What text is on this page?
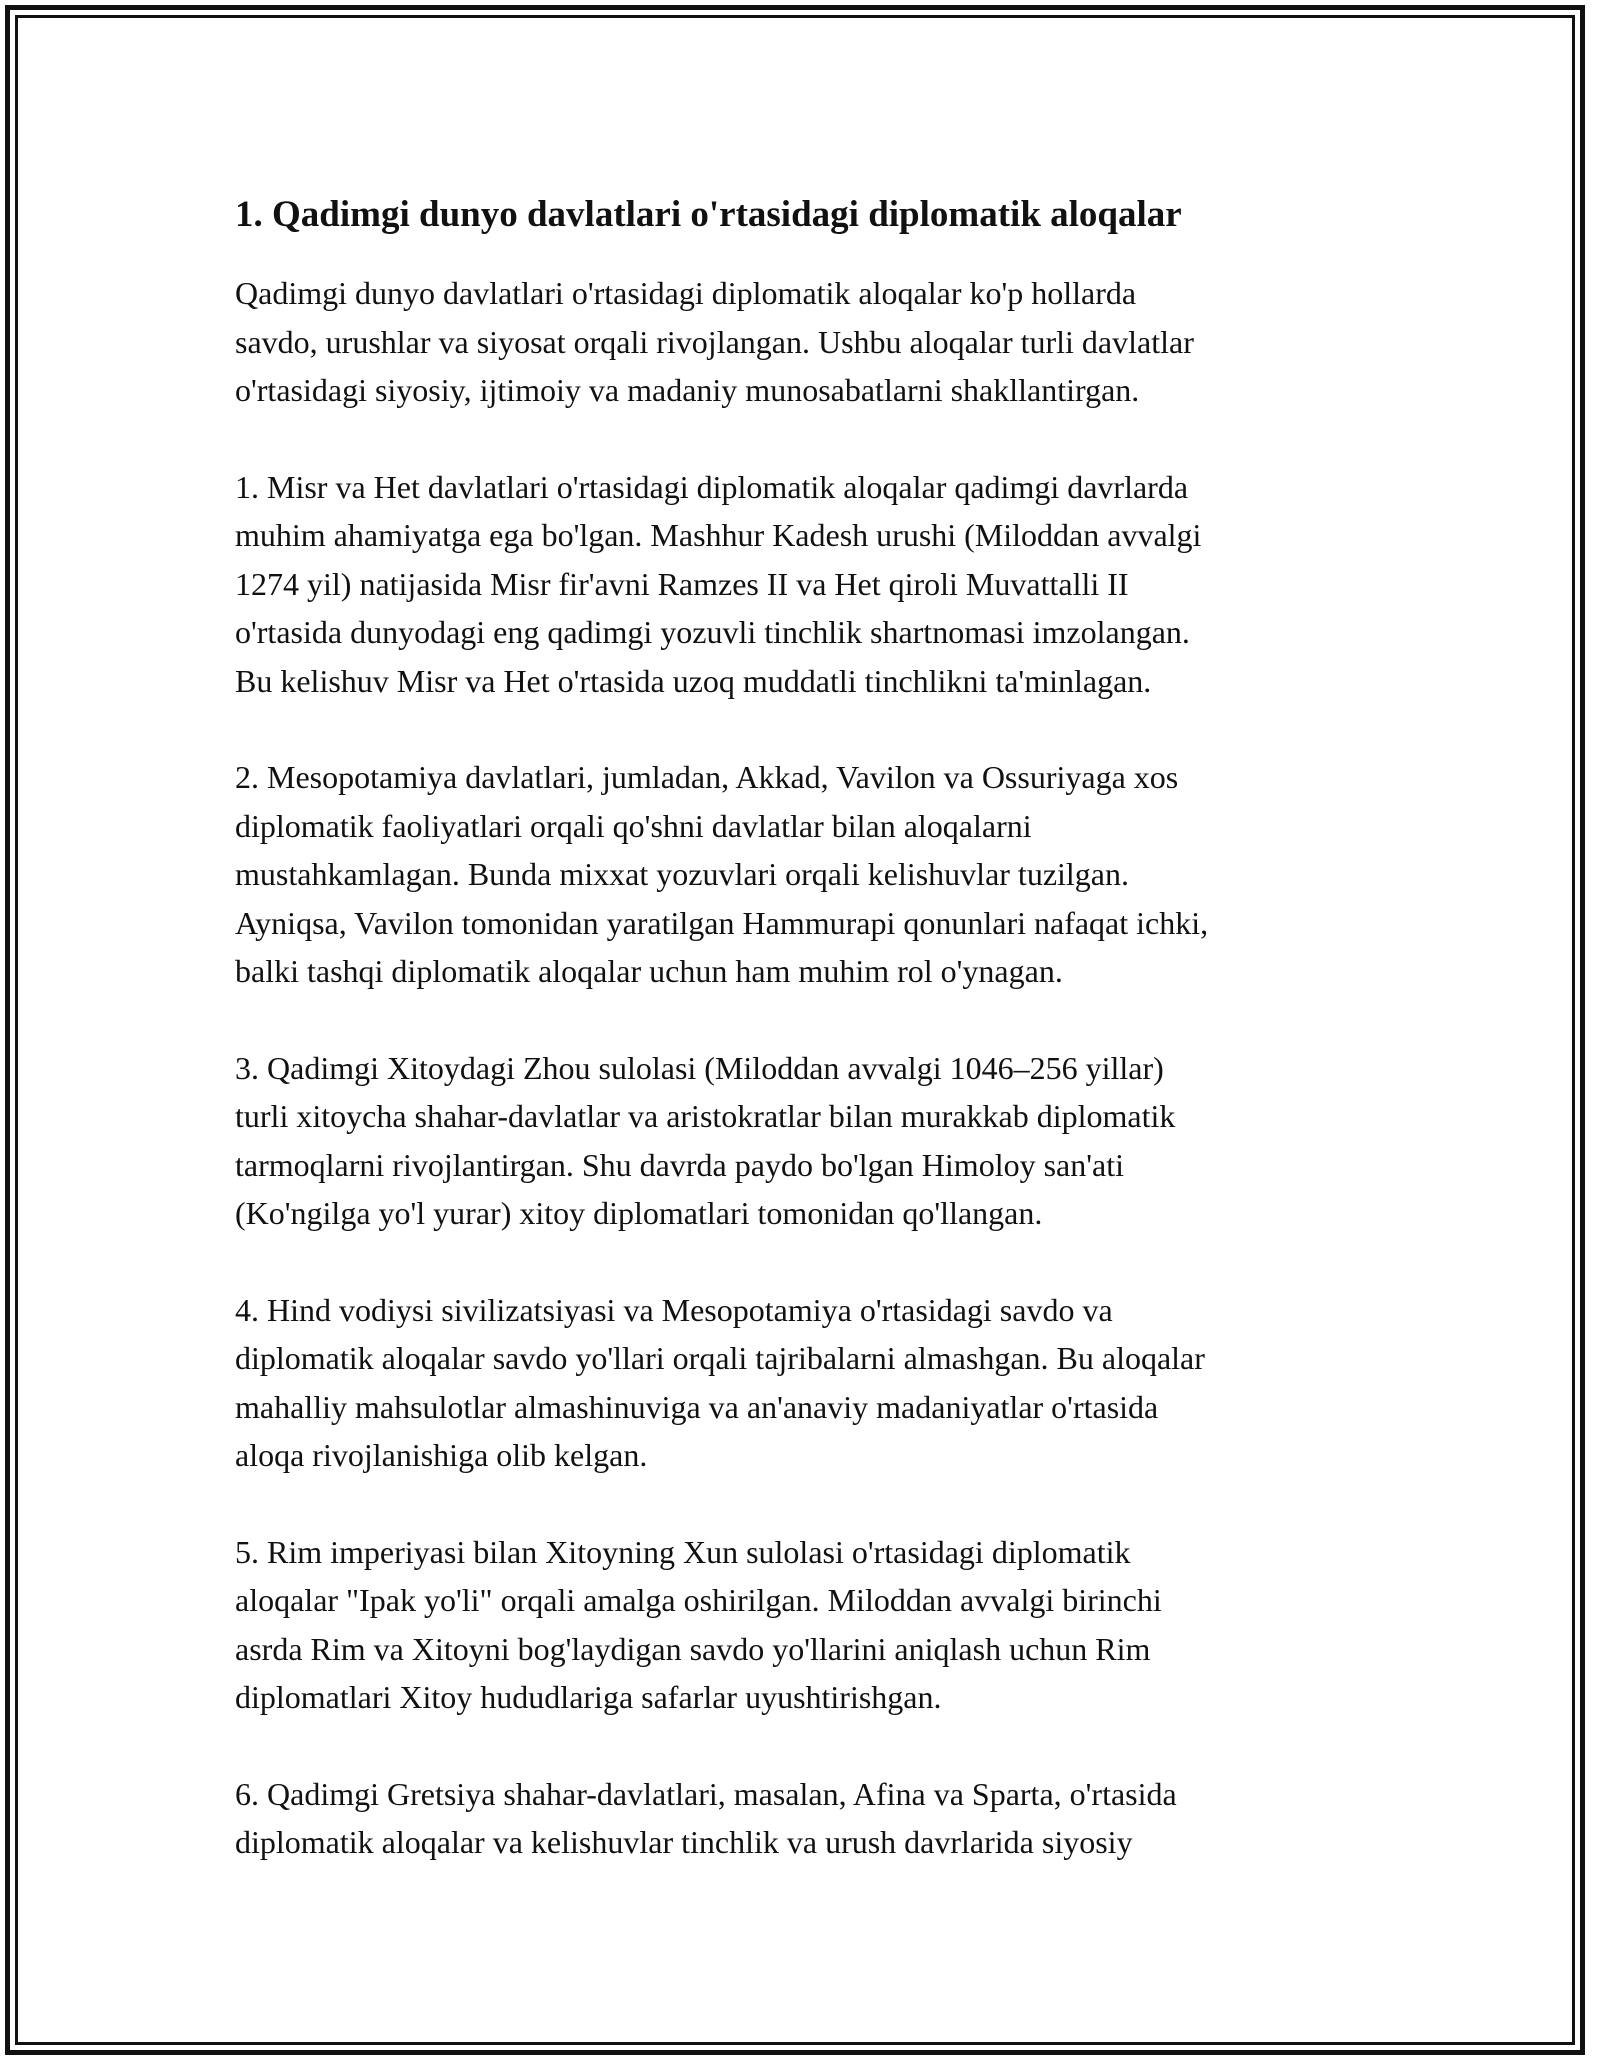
1. Qadimgi dunyo davlatlari o'rtasidagi diplomatik aloqalar

Qadimgi dunyo davlatlari o'rtasidagi diplomatik aloqalar ko'p hollarda
savdo, urushlar va siyosat orqali rivojlangan. Ushbu aloqalar turli davlatlar
o'rtasidagi siyosiy, ijtimoiy va madaniy munosabatlarni shakllantirgan.

1. Misr va Het davlatlari o'rtasidagi diplomatik aloqalar qadimgi davrlarda
muhim ahamiyatga ega bo'lgan. Mashhur Kadesh urushi (Miloddan avvalgi
1274 yil) natijasida Misr fir'avni Ramzes II va Het qiroli Muvattalli II
o'rtasida dunyodagi eng qadimgi yozuvli tinchlik shartnomasi imzolangan.
Bu kelishuv Misr va Het o'rtasida uzoq muddatli tinchlikni ta'minlagan.

2. Mesopotamiya davlatlari, jumladan, Akkad, Vavilon va Ossuriyaga xos
diplomatik faoliyatlari orqali qo'shni davlatlar bilan aloqalarni
mustahkamlagan. Bunda mixxat yozuvlari orqali kelishuvlar tuzilgan.
Ayniqsa, Vavilon tomonidan yaratilgan Hammurapi qonunlari nafaqat ichki,
balki tashqi diplomatik aloqalar uchun ham muhim rol o'ynagan.

3. Qadimgi Xitoydagi Zhou sulolasi (Miloddan avvalgi 1046–256 yillar)
turli xitoycha shahar-davlatlar va aristokratlar bilan murakkab diplomatik
tarmoqlarni rivojlantirgan. Shu davrda paydo bo'lgan Himoloy san'ati
(Ko'ngilga yo'l yurar) xitoy diplomatlari tomonidan qo'llangan.

4. Hind vodiysi sivilizatsiyasi va Mesopotamiya o'rtasidagi savdo va
diplomatik aloqalar savdo yo'llari orqali tajribalarni almashgan. Bu aloqalar
mahalliy mahsulotlar almashinuviga va an'anaviy madaniyatlar o'rtasida
aloqa rivojlanishiga olib kelgan.

5. Rim imperiyasi bilan Xitoyning Xun sulolasi o'rtasidagi diplomatik
aloqalar "Ipak yo'li" orqali amalga oshirilgan. Miloddan avvalgi birinchi
asrda Rim va Xitoyni bog'laydigan savdo yo'llarini aniqlash uchun Rim
diplomatlari Xitoy hududlariga safarlar uyushtirishgan.

6. Qadimgi Gretsiya shahar-davlatlari, masalan, Afina va Sparta, o'rtasida
diplomatik aloqalar va kelishuvlar tinchlik va urush davrlarida siyosiy
